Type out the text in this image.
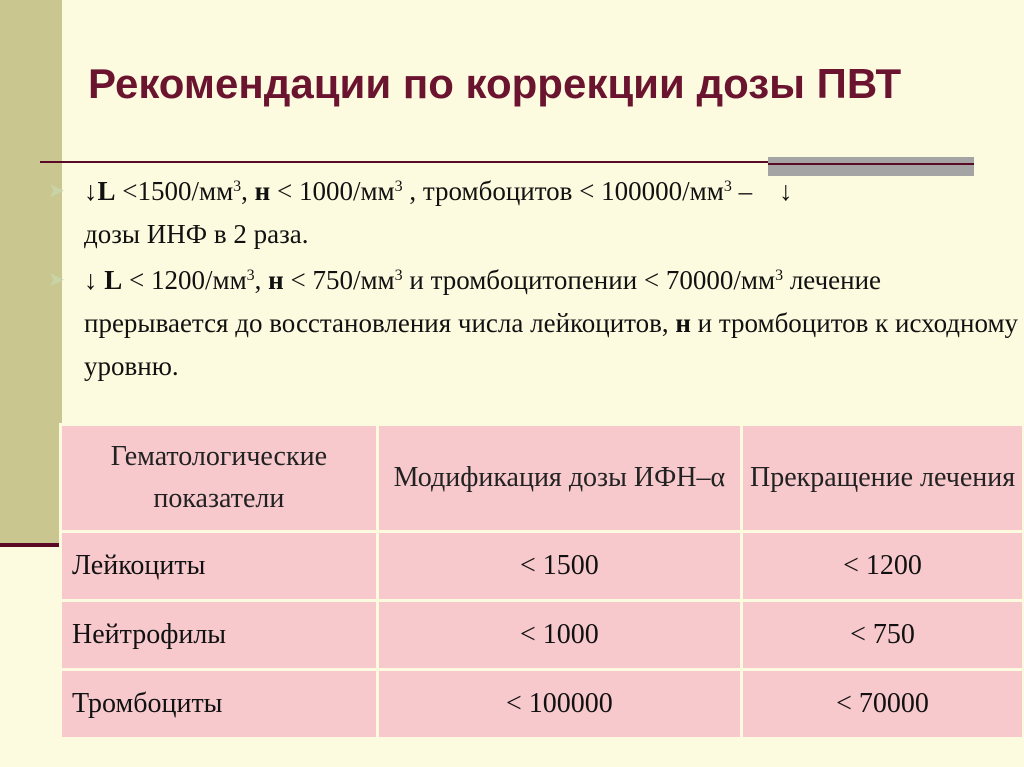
Рекомендации по коррекции дозы ПВТ
➤ ↓L $<1500/мм^3$, $н < 1000/мм^3$ , тромбоцитов < $100000/мм^3$ –    ↓
дозы ИНФ в 2 раза.
➤ ↓ $L < 1200/мм^3$, $н < 750/мм^3$ и тромбоцитопении < $70000/мм^3$ лечение прерывается до восстановления числа лейкоцитов, н и тромбоцитов к исходному уровню.
Гематологические показатели	Модификация дозы ИФН–α	Прекращение лечения
Лейкоциты	< 1500	< 1200
Нейтрофилы	< 1000	< 750
Тромбоциты	< 100000	< 70000
